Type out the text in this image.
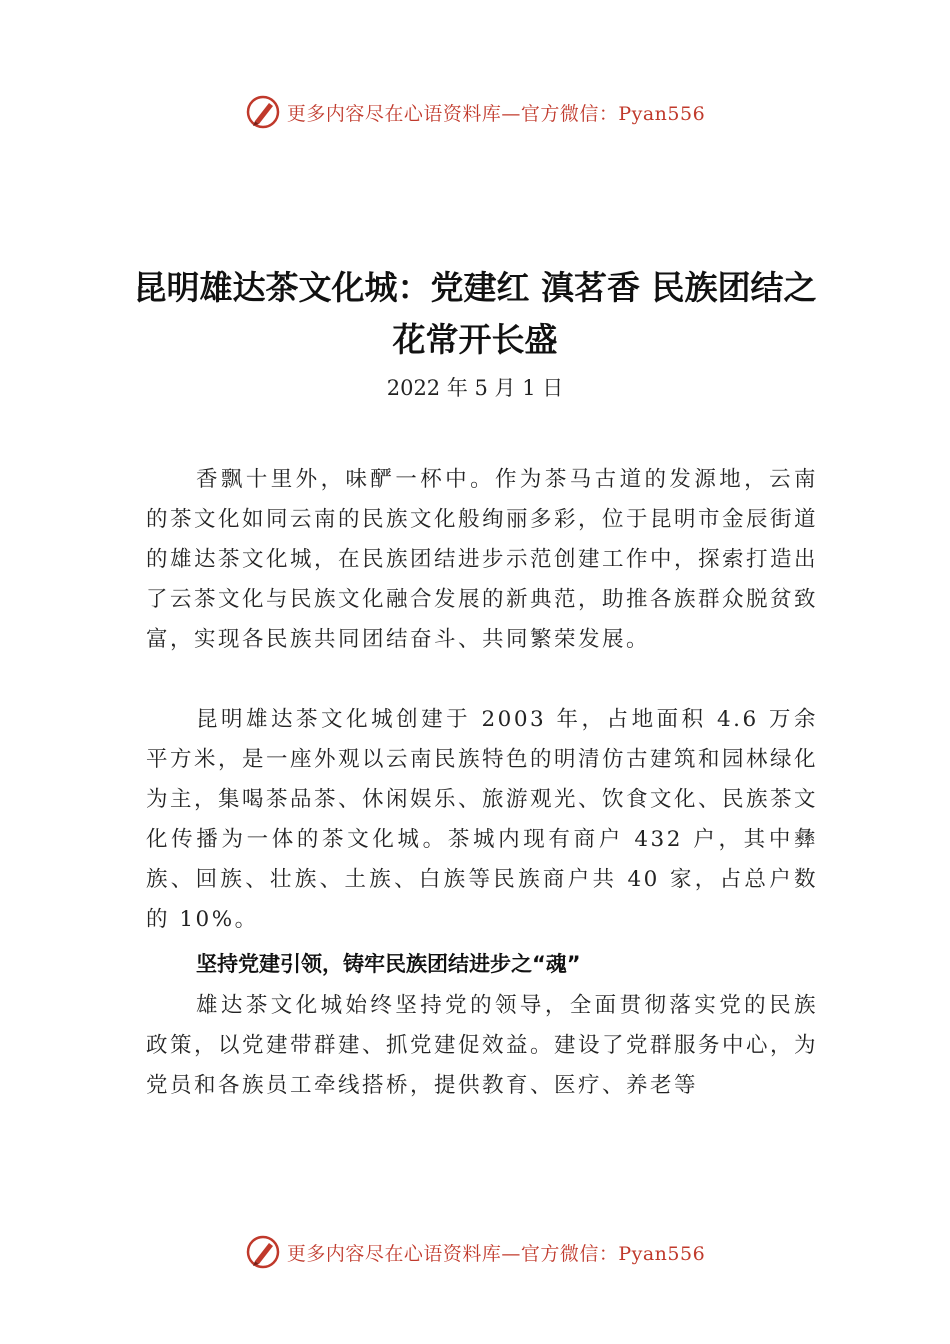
更多内容尽在心语资料库—官方微信：Pyan556
昆明雄达茶文化城：党建红 滇茗香 民族团结之花常开长盛
2022 年 5 月 1 日

香飘十里外，味酽一杯中。作为茶马古道的发源地，云南的茶文化如同云南的民族文化般绚丽多彩，位于昆明市金辰街道的雄达茶文化城，在民族团结进步示范创建工作中，探索打造出了云茶文化与民族文化融合发展的新典范，助推各族群众脱贫致富，实现各民族共同团结奋斗、共同繁荣发展。

昆明雄达茶文化城创建于 2003 年，占地面积 4.6 万余平方米，是一座外观以云南民族特色的明清仿古建筑和园林绿化为主，集喝茶品茶、休闲娱乐、旅游观光、饮食文化、民族茶文化传播为一体的茶文化城。茶城内现有商户 432 户，其中彝族、回族、壮族、土族、白族等民族商户共 40 家，占总户数的 10%。

坚持党建引领，铸牢民族团结进步之“魂”

雄达茶文化城始终坚持党的领导，全面贯彻落实党的民族政策，以党建带群建、抓党建促效益。建设了党群服务中心，为党员和各族员工牵线搭桥，提供教育、医疗、养老等

更多内容尽在心语资料库—官方微信：Pyan556
